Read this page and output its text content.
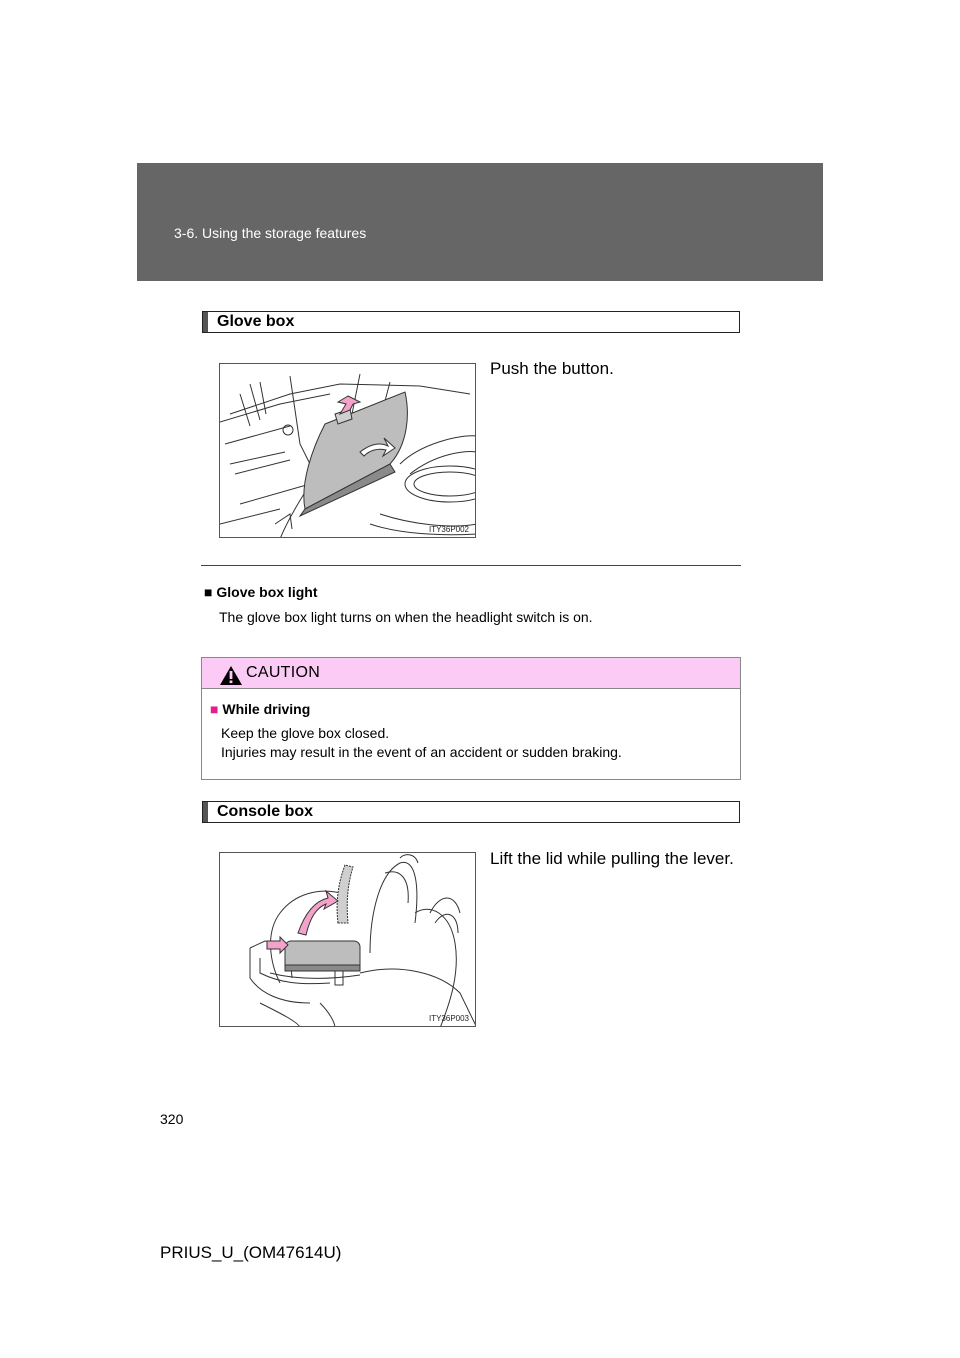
3-6. Using the storage features
Glove box
ITY36P002
Push the button.
■ Glove box light
The glove box light turns on when the headlight switch is on.
CAUTION
■ While driving
Keep the glove box closed.
Injuries may result in the event of an accident or sudden braking.
Console box
ITY36P003
Lift the lid while pulling the lever.
320
PRIUS_U_(OM47614U)
